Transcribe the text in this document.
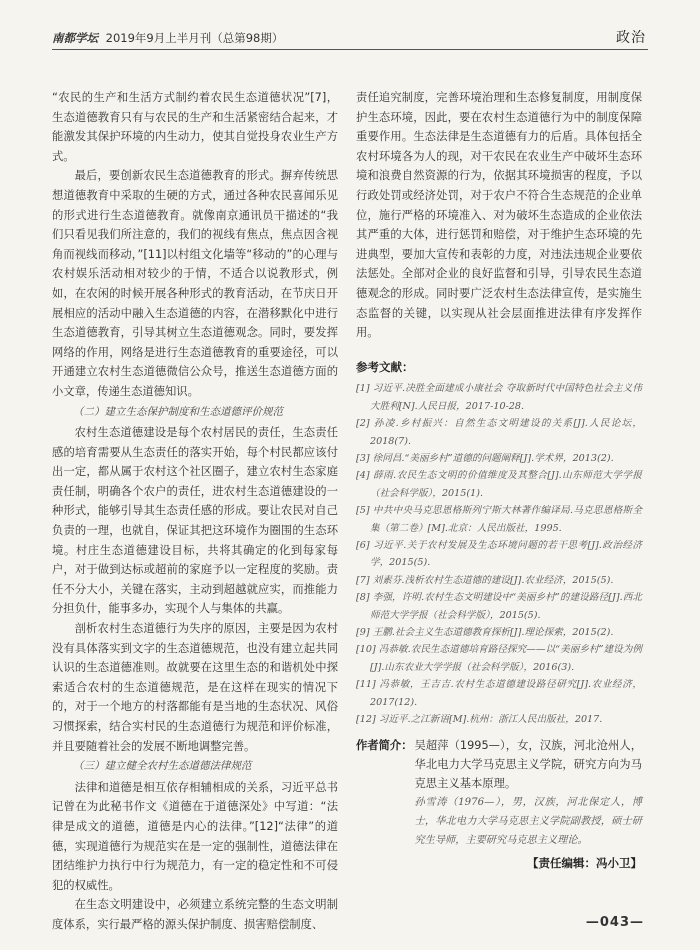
南都学坛 2019年9月上半月刊（总第98期）	政治

“农民的生产和生活方式制约着农民生态道德状况”[7]，生态道德教育只有与农民的生产和生活紧密结合起来，才能激发其保护环境的内生动力，使其自觉投身农业生产方式。

最后，要创新农民生态道德教育的形式。摒弃传统思想道德教育中采取的生硬的方式，通过各种农民喜闻乐见的形式进行生态道德教育。就像南京通讯员干描述的“我们只看见我们所注意的，我们的视线有焦点，焦点因含视角而视线而移动，”[11]以村组文化墙等“移动的”的心理与农村娱乐活动相对较少的于情，不适合以说教形式，例如，在农闲的时候开展各种形式的教育活动，在节庆日开展相应的活动中融入生态道德的内容，在潜移默化中进行生态道德教育，引导其树立生态道德观念。同时，要发挥网络的作用，网络是进行生态道德教育的重要途径，可以开通建立农村生态道德微信公众号，推送生态道德方面的小文章，传递生态道德知识。

（二）建立生态保护制度和生态道德评价规范

农村生态道德建设是每个农村居民的责任，生态责任感的培育需要从生态责任的落实开始，每个村民都应该付出一定，都从属于农村这个社区圈子，建立农村生态家庭责任制，明确各个农户的责任，进农村生态道德建设的一种形式，能够引导其生态责任感的形成。要让农民对自己负责的一理，也就自，保证其把这环境作为圈围的生态环境。村庄生态道德建设目标，共将其确定的化到每家每户，对于做到达标或超前的家庭予以一定程度的奖励。责任不分大小，关键在落实，主动到超越就应实，而推能力分担负什，能事多办，实现个人与集体的共赢。

剖析农村生态道德行为失序的原因，主要是因为农村没有具体落实到文字的生态道德规范，也没有建立起共同认识的生态道德准则。故就要在这里生态的和谐机处中探索适合农村的生态道德规范，是在这样在现实的情况下的，对于一个地方的村落都能有是当地的生态状况、风俗习惯探索，结合实村民的生态道德行为规范和评价标准，并且要随着社会的发展不断地调整完善。

（三）建立健全农村生态道德法律规范

法律和道德是相互依存相辅相成的关系，习近平总书记曾在为此秘书作文《道德在于道德深处》中写道：“法律是成文的道德，道德是内心的法律。”[12]“法律”的道德，实现道德行为规范实在是一定的强制性，道德法律在团结维护力执行中行为规范力，有一定的稳定性和不可侵犯的权威性。

在生态文明建设中，必须建立系统完整的生态文明制度体系，实行最严格的源头保护制度、损害赔偿制度、

责任追究制度，完善环境治理和生态修复制度，用制度保护生态环境，因此，要在农村生态道德行为中的制度保障重要作用。生态法律是生态道德有力的后盾。具体包括全农村环境各为人的现，对干农民在农业生产中破坏生态环境和浪费自然资源的行为，依据其环境损害的程度，予以行政处罚或经济处罚，对于农户不符合生态规范的企业单位，施行严格的环境准入、对为破坏生态造成的企业依法其严重的大体，进行惩罚和赔偿，对于维护生态环境的先进典型，要加大宣传和表彰的力度，对违法违规企业要依法惩处。全部对企业的良好监督和引导，引导农民生态道德观念的形成。同时要广泛农村生态法律宣传，是实施生态监督的关键，以实现从社会层面推进法律有序发挥作用。

参考文献：
[1] 习近平.决胜全面建成小康社会 夺取新时代中国特色社会主义伟大胜利[N].人民日报，2017-10-28.
[2] 孙凌.乡村振兴：自然生态文明建设的关系[J].人民论坛，2018(7).
[3] 徐同昌.“美丽乡村”道德的问题阐释[J].学术界，2013(2).
[4] 薛雨.农民生态文明的价值维度及其整合[J].山东师范大学学报（社会科学版），2015(1).
[5] 中共中央马克思恩格斯列宁斯大林著作编译局.马克思恩格斯全集（第二卷）[M].北京：人民出版社，1995.
[6] 习近平.关于农村发展及生态环境问题的若干思考[J].政治经济学，2015(5).
[7] 刘素芬.浅析农村生态道德的建设[J].农业经济，2015(5).
[8] 李强，许明.农村生态文明建设中“美丽乡村”的建设路径[J].西北师范大学学报（社会科学版），2015(5).
[9] 王鹏.社会主义生态道德教育探析[J].理论探索，2015(2).
[10] 冯恭敏.农民生态道德培育路径探究——以“美丽乡村”建设为例[J].山东农业大学学报（社会科学版），2016(3).
[11] 冯恭敏，王吉吉.农村生态道德建设路径研究[J].农业经济，2017(12).
[12] 习近平.之江新语[M].杭州：浙江人民出版社，2017.
作者简介： 吴超萍（1995—），女，汉族，河北沧州人，华北电力大学马克思主义学院，研究方向为马克思主义基本原理。

孙雪涛（1976—），男，汉族，河北保定人，博士，华北电力大学马克思主义学院副教授，硕士研究生导师，主要研究马克思主义理论。

【责任编辑：冯小卫】
—043—
